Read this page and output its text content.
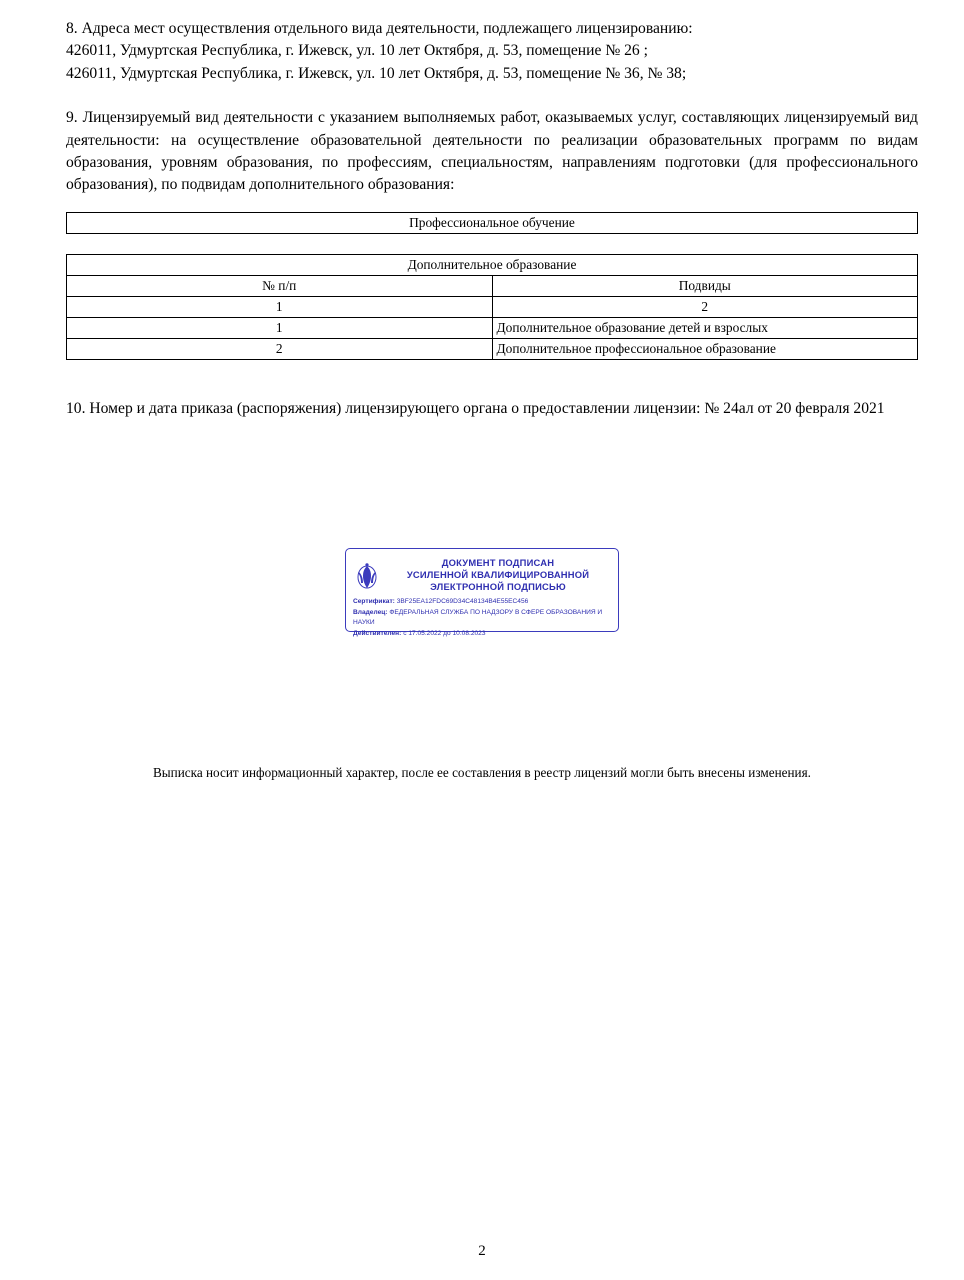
8. Адреса мест осуществления отдельного вида деятельности, подлежащего лицензированию:

426011, Удмуртская Республика, г. Ижевск, ул. 10 лет Октября, д. 53, помещение № 26 ;
426011, Удмуртская Республика, г. Ижевск, ул. 10 лет Октября, д. 53, помещение № 36, № 38;

9. Лицензируемый вид деятельности с указанием выполняемых работ, оказываемых услуг, составляющих лицензируемый вид деятельности: на осуществление образовательной деятельности по реализации образовательных программ по видам образования, уровням образования, по профессиям, специальностям, направлениям подготовки (для профессионального образования), по подвидам дополнительного образования:

Профессиональное обучение
Дополнительное образование	
№ п/п	Подвиды
1	2
1	Дополнительное образование детей и взрослых
2	Дополнительное профессиональное образование

10. Номер и дата приказа (распоряжения) лицензирующего органа о предоставлении лицензии: № 24ал от 20 февраля 2021

ДОКУМЕНТ ПОДПИСАН
УСИЛЕННОЙ КВАЛИФИЦИРОВАННОЙ
ЭЛЕКТРОННОЙ ПОДПИСЬЮ
Сертификат: 3BF25EA12FDC69D34C48134B4E55EC456
Владелец: ФЕДЕРАЛЬНАЯ СЛУЖБА ПО НАДЗОРУ В СФЕРЕ ОБРАЗОВАНИЯ И НАУКИ
Действителен: с 17.05.2022 до 10.08.2023
Выписка носит информационный характер, после ее составления в реестр лицензий могли быть внесены изменения.
2
